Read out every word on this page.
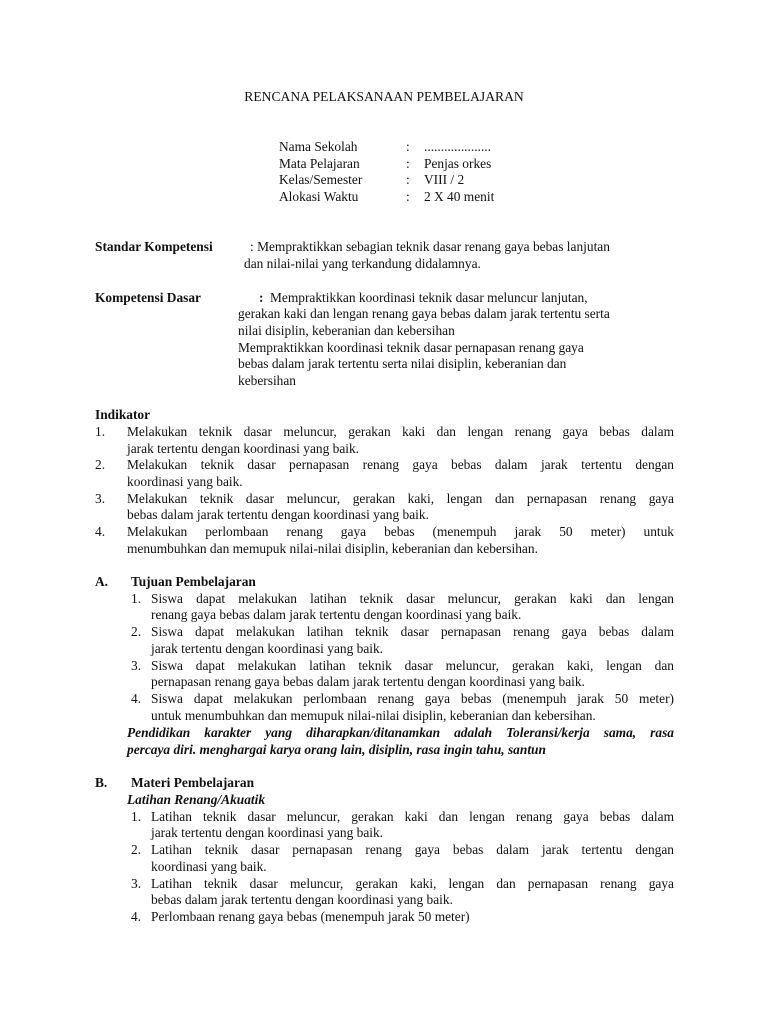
RENCANA PELAKSANAAN PEMBELAJARAN
Nama Sekolah	: ....................
Mata Pelajaran	: Penjas orkes
Kelas/Semester	: VIII / 2
Alokasi Waktu	: 2 X 40 menit
Standar Kompetensi	: Mempraktikkan sebagian teknik dasar renang gaya bebas lanjutan
dan nilai-nilai yang terkandung didalamnya.
Kompetensi Dasar	: Mempraktikkan koordinasi teknik dasar meluncur lanjutan,
gerakan kaki dan lengan renang gaya bebas dalam jarak tertentu serta
nilai disiplin, keberanian dan kebersihan
Mempraktikkan koordinasi teknik dasar pernapasan renang gaya
bebas dalam jarak tertentu serta nilai disiplin, keberanian dan
kebersihan
Indikator
1. Melakukan teknik dasar meluncur, gerakan kaki dan lengan renang gaya bebas dalam
jarak tertentu dengan koordinasi yang baik.
2. Melakukan teknik dasar pernapasan renang gaya bebas dalam jarak tertentu dengan
koordinasi yang baik.
3. Melakukan teknik dasar meluncur, gerakan kaki, lengan dan pernapasan renang gaya
bebas dalam jarak tertentu dengan koordinasi yang baik.
4. Melakukan perlombaan renang gaya bebas (menempuh jarak 50 meter) untuk
menumbuhkan dan memupuk nilai-nilai disiplin, keberanian dan kebersihan.
A. Tujuan Pembelajaran
1. Siswa dapat melakukan latihan teknik dasar meluncur, gerakan kaki dan lengan
renang gaya bebas dalam jarak tertentu dengan koordinasi yang baik.
2. Siswa dapat melakukan latihan teknik dasar pernapasan renang gaya bebas dalam
jarak tertentu dengan koordinasi yang baik.
3. Siswa dapat melakukan latihan teknik dasar meluncur, gerakan kaki, lengan dan
pernapasan renang gaya bebas dalam jarak tertentu dengan koordinasi yang baik.
4. Siswa dapat melakukan perlombaan renang gaya bebas (menempuh jarak 50 meter)
untuk menumbuhkan dan memupuk nilai-nilai disiplin, keberanian dan kebersihan.
Pendidikan karakter yang diharapkan/ditanamkan adalah Toleransi/kerja sama, rasa
percaya diri. menghargai karya orang lain, disiplin, rasa ingin tahu, santun
B. Materi Pembelajaran
Latihan Renang/Akuatik
1. Latihan teknik dasar meluncur, gerakan kaki dan lengan renang gaya bebas dalam
jarak tertentu dengan koordinasi yang baik.
2. Latihan teknik dasar pernapasan renang gaya bebas dalam jarak tertentu dengan
koordinasi yang baik.
3. Latihan teknik dasar meluncur, gerakan kaki, lengan dan pernapasan renang gaya
bebas dalam jarak tertentu dengan koordinasi yang baik.
4. Perlombaan renang gaya bebas (menempuh jarak 50 meter)
